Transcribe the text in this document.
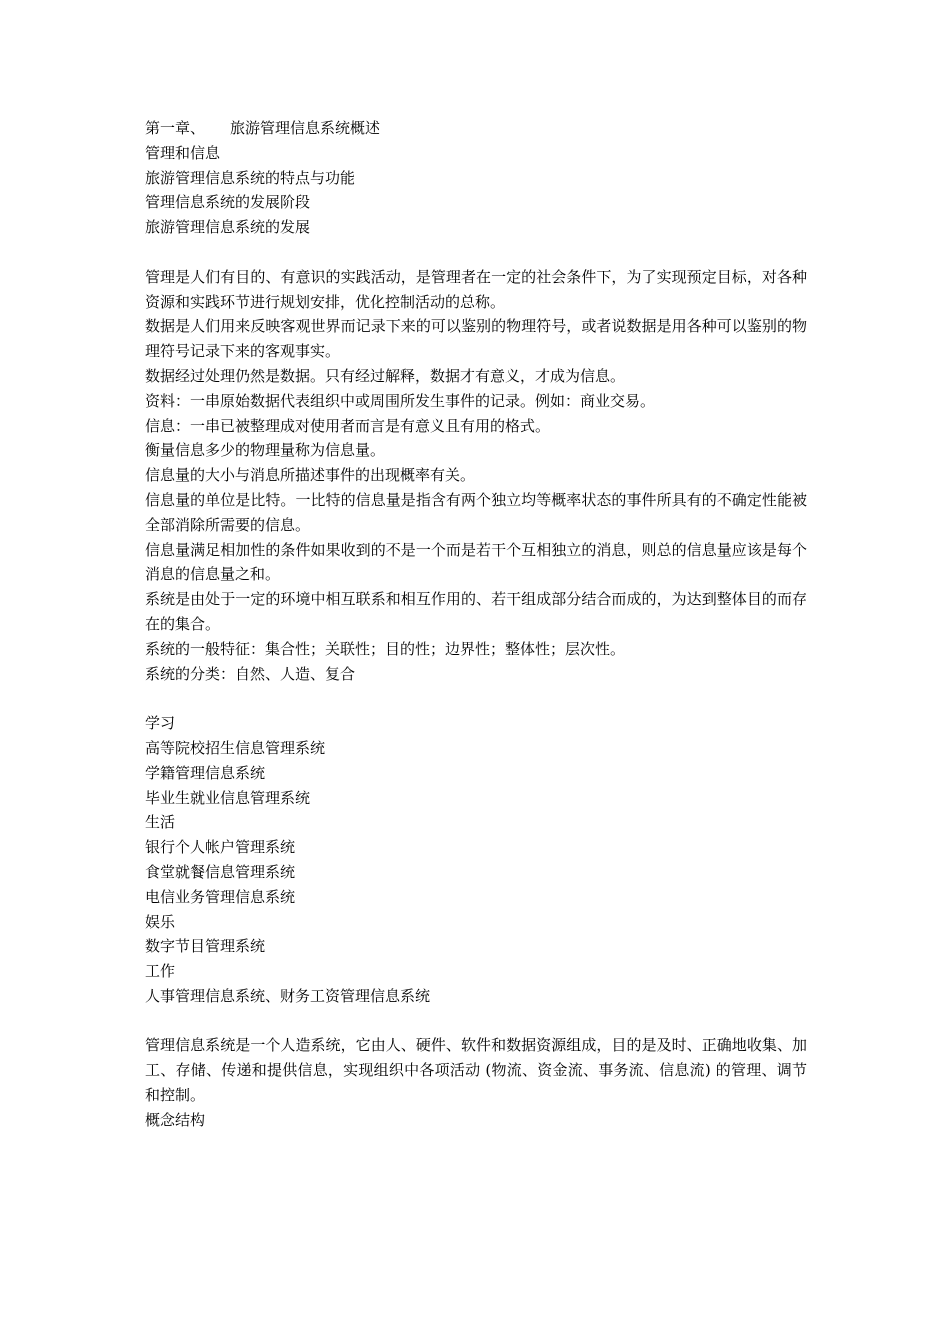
第一章、 旅游管理信息系统概述
管理和信息
旅游管理信息系统的特点与功能
管理信息系统的发展阶段
旅游管理信息系统的发展
管理是人们有目的、有意识的实践活动，是管理者在一定的社会条件下，为了实现预定目标，对各种资源和实践环节进行规划安排，优化控制活动的总称。
数据是人们用来反映客观世界而记录下来的可以鉴别的物理符号，或者说数据是用各种可以鉴别的物理符号记录下来的客观事实。
数据经过处理仍然是数据。只有经过解释，数据才有意义，才成为信息。
资料：一串原始数据代表组织中或周围所发生事件的记录。例如：商业交易。
信息：一串已被整理成对使用者而言是有意义且有用的格式。
衡量信息多少的物理量称为信息量。
信息量的大小与消息所描述事件的出现概率有关。
信息量的单位是比特。一比特的信息量是指含有两个独立均等概率状态的事件所具有的不确定性能被全部消除所需要的信息。
信息量满足相加性的条件如果收到的不是一个而是若干个互相独立的消息，则总的信息量应该是每个消息的信息量之和。
系统是由处于一定的环境中相互联系和相互作用的、若干组成部分结合而成的，为达到整体目的而存在的集合。
系统的一般特征：集合性；关联性；目的性；边界性；整体性；层次性。
系统的分类：自然、人造、复合
学习
高等院校招生信息管理系统
学籍管理信息系统
毕业生就业信息管理系统
生活
银行个人帐户管理系统
食堂就餐信息管理系统
电信业务管理信息系统
娱乐
数字节目管理系统
工作
人事管理信息系统、财务工资管理信息系统
管理信息系统是一个人造系统，它由人、硬件、软件和数据资源组成，目的是及时、正确地收集、加工、存储、传递和提供信息，实现组织中各项活动 (物流、资金流、事务流、信息流) 的管理、调节和控制。
概念结构
